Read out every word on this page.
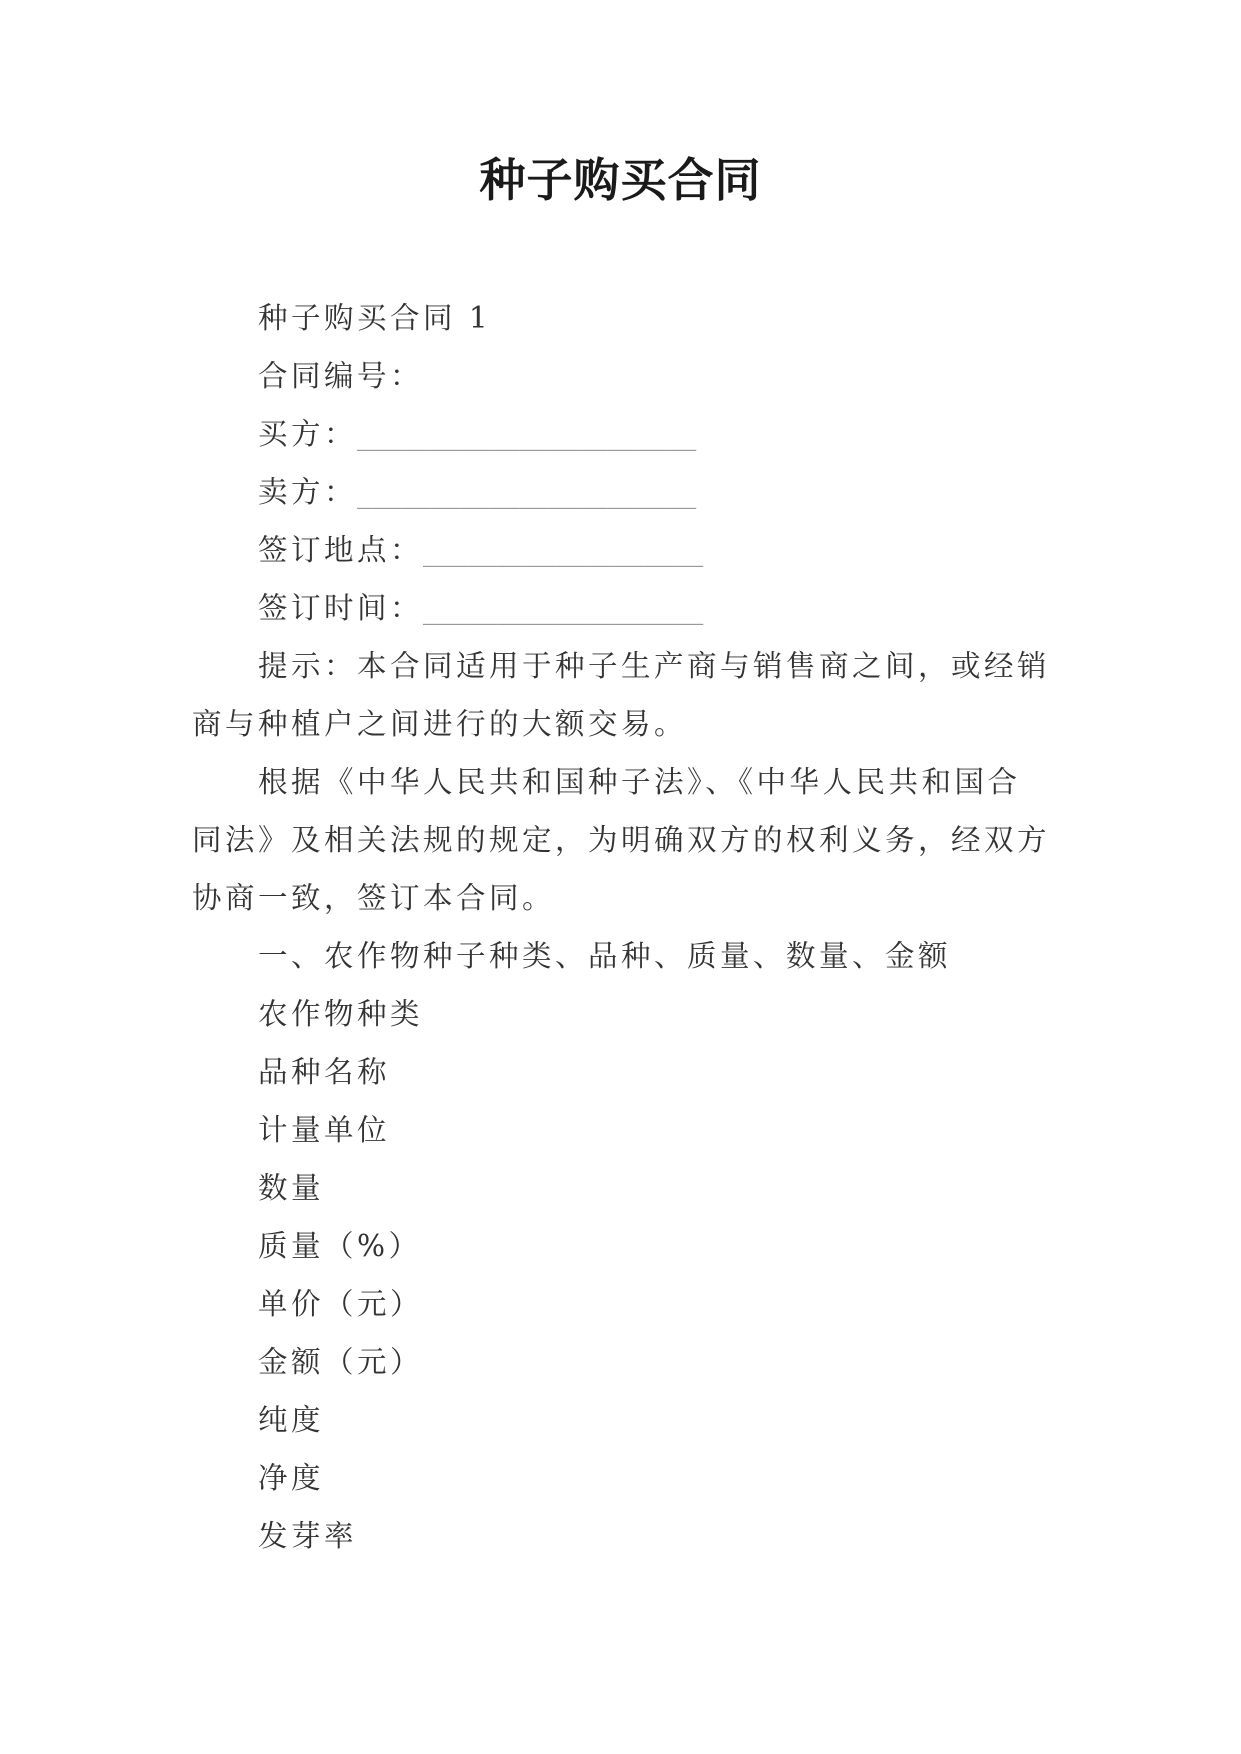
种子购买合同

种子购买合同 1

合同编号：

买方：_______________________

卖方：_______________________

签订地点：___________________

签订时间：___________________

提示：本合同适用于种子生产商与销售商之间，或经销商与种植户之间进行的大额交易。

根据《中华人民共和国种子法》、《中华人民共和国合同法》及相关法规的规定，为明确双方的权利义务，经双方协商一致，签订本合同。

一、农作物种子种类、品种、质量、数量、金额

农作物种类

品种名称

计量单位

数量

质量（%）

单价（元）

金额（元）

纯度

净度

发芽率
